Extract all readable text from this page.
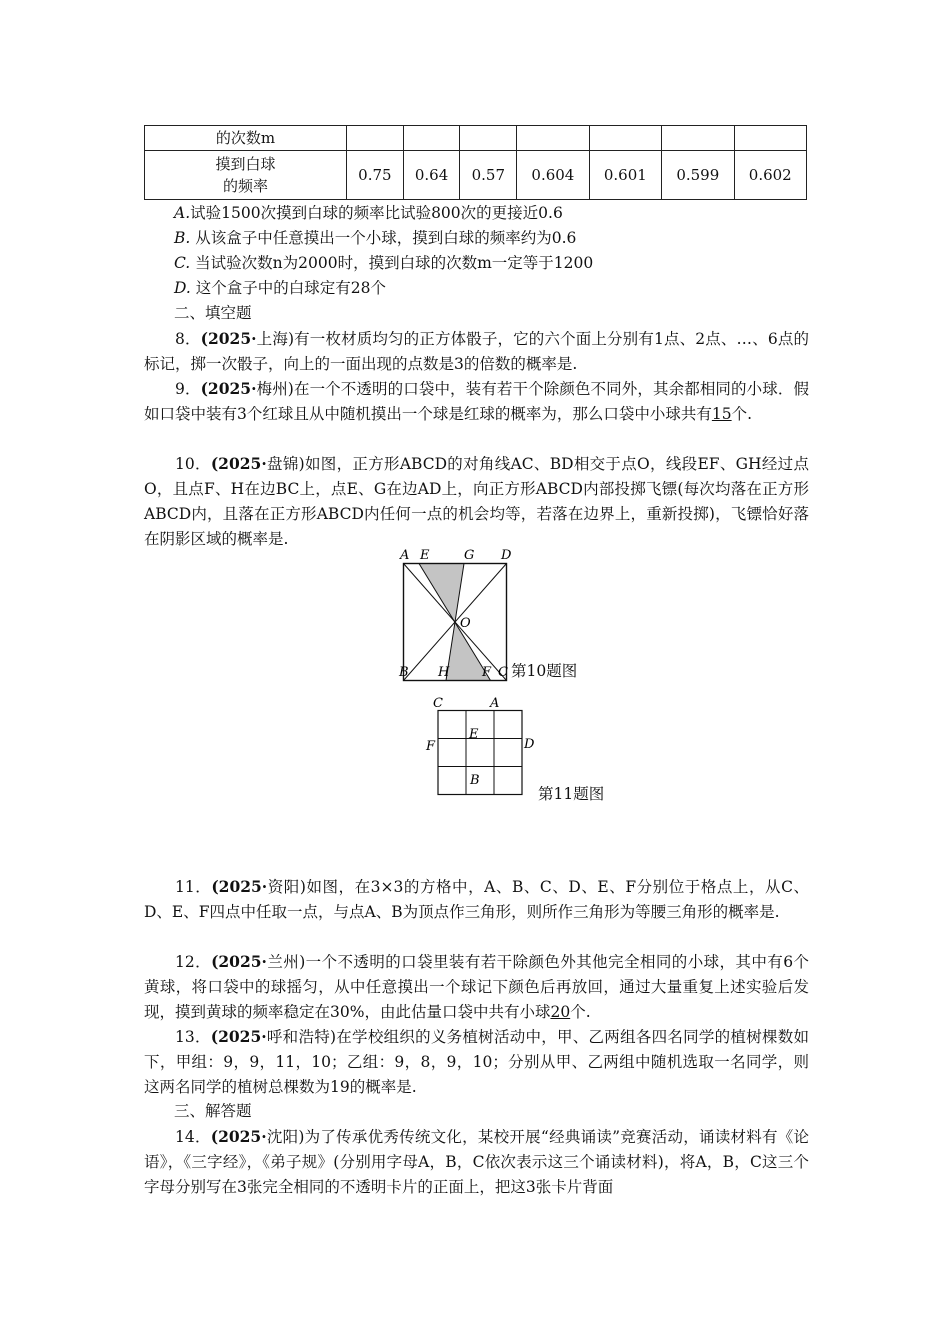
的次数m							
摸到白球
的频率	0.75	0.64	0.57	0.604	0.601	0.599	0.602
A.试验1500次摸到白球的频率比试验800次的更接近0.6
B. 从该盒子中任意摸出一个小球，摸到白球的频率约为0.6
C. 当试验次数n为2000时，摸到白球的次数m一定等于1200
D. 这个盒子中的白球定有28个
二、填空题
8．(2025·上海)有一枚材质均匀的正方体骰子，它的六个面上分别有1点、2点、…、6点的标记，掷一次骰子，向上的一面出现的点数是3的倍数的概率是.
9．(2025·梅州)在一个不透明的口袋中，装有若干个除颜色不同外，其余都相同的小球．假如口袋中装有3个红球且从中随机摸出一个球是红球的概率为，那么口袋中小球共有15个.
10．(2025·盘锦)如图，正方形ABCD的对角线AC、BD相交于点O，线段EF、GH经过点O，且点F、H在边BC上，点E、G在边AD上，向正方形ABCD内部投掷飞镖(每次均落在正方形ABCD内，且落在正方形ABCD内任何一点的机会均等，若落在边界上，重新投掷)，飞镖恰好落在阴影区域的概率是.
A E	G D
O
B H	F C 第10题图
C	A
E
F	D
B
第11题图
11．(2025·资阳)如图，在3×3的方格中，A、B、C、D、E、F分别位于格点上，从C、D、E、F四点中任取一点，与点A、B为顶点作三角形，则所作三角形为等腰三角形的概率是.
12．(2025·兰州)一个不透明的口袋里装有若干除颜色外其他完全相同的小球，其中有6个黄球，将口袋中的球摇匀，从中任意摸出一个球记下颜色后再放回，通过大量重复上述实验后发现，摸到黄球的频率稳定在30%，由此估量口袋中共有小球20个.
13．(2025·呼和浩特)在学校组织的义务植树活动中，甲、乙两组各四名同学的植树棵数如下，甲组：9，9，11，10；乙组：9，8，9，10；分别从甲、乙两组中随机选取一名同学，则这两名同学的植树总棵数为19的概率是.
三、解答题
14．(2025·沈阳)为了传承优秀传统文化，某校开展“经典诵读”竞赛活动，诵读材料有《论语》，《三字经》，《弟子规》(分别用字母A，B，C依次表示这三个诵读材料)，将A，B，C这三个字母分别写在3张完全相同的不透明卡片的正面上，把这3张卡片背面
